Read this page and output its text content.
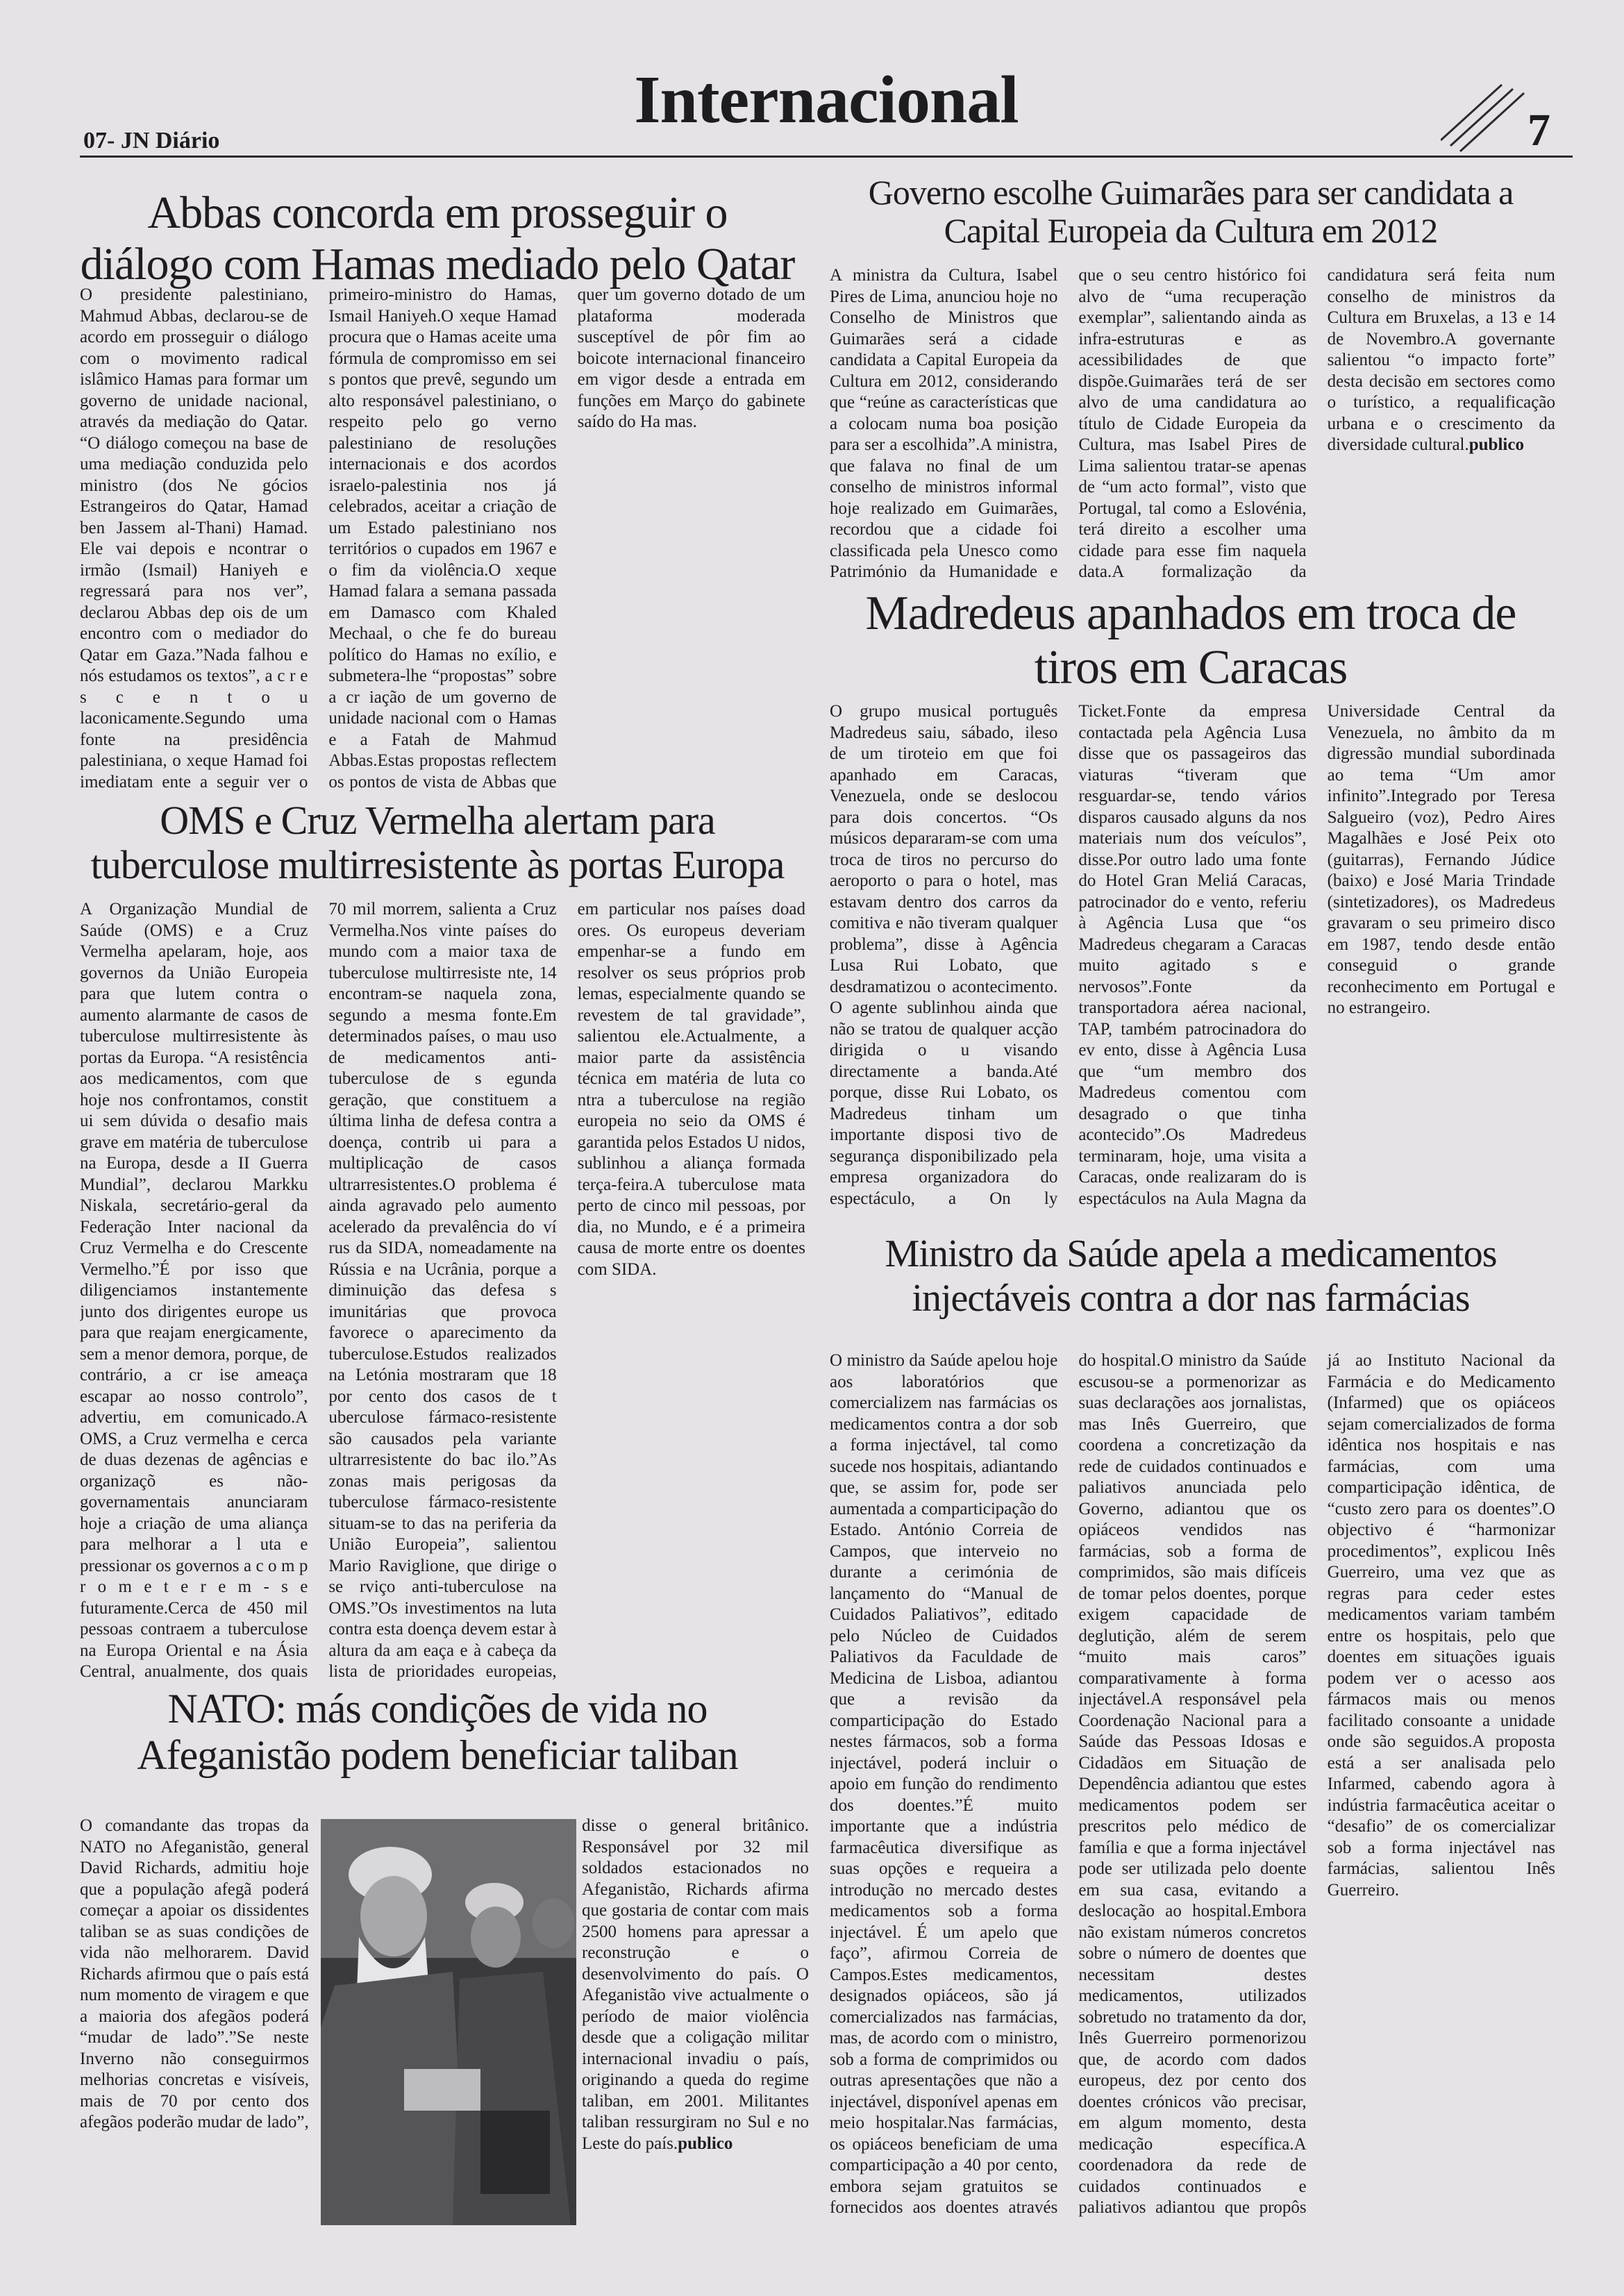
07- JN Diário

Internacional	7

Abbas concorda em prosseguir o diálogo com Hamas mediado pelo Qatar

O presidente palestiniano, Mahmud Abbas, declarou-se de acordo em prosseguir o diálogo com o movimento radical islâmico Hamas para formar um governo de unidade nacional, através da mediação do Qatar. “O diálogo começou na base de uma mediação conduzida pelo ministro (dos Ne gócios Estrangeiros do Qatar, Hamad ben Jassem al-Thani) Hamad. Ele vai depois e ncontrar o irmão (Ismail) Haniyeh e regressará para nos ver”, declarou Abbas dep ois de um encontro com o mediador do Qatar em Gaza.”Nada falhou e nós estudamos os textos”, a c r e s c e n t o u laconicamente.Segundo uma fonte na presidência palestiniana, o xeque Hamad foi imediatam ente a seguir ver o primeiro-ministro do Hamas, Ismail Haniyeh.O xeque Hamad procura que o Hamas aceite uma fórmula de compromisso em sei s pontos que prevê, segundo um alto responsável palestiniano, o respeito pelo go verno palestiniano de resoluções internacionais e dos acordos israelo-palestinia nos já celebrados, aceitar a criação de um Estado palestiniano nos territórios o cupados em 1967 e o fim da violência.O xeque Hamad falara a semana passada em Damasco com Khaled Mechaal, o che fe do bureau político do Hamas no exílio, e submetera-lhe “propostas” sobre a cr iação de um governo de unidade nacional com o Hamas e a Fatah de Mahmud Abbas.Estas propostas reflectem os pontos de vista de Abbas que quer um governo dotado de um plataforma moderada susceptível de pôr fim ao boicote internacional financeiro em vigor desde a entrada em funções em Março do gabinete saído do Ha mas.

OMS e Cruz Vermelha alertam para tuberculose multirresistente às portas Europa

A Organização Mundial de Saúde (OMS) e a Cruz Vermelha apelaram, hoje, aos governos da União Europeia para que lutem contra o aumento alarmante de casos de tuberculose multirresistente às portas da Europa. “A resistência aos medicamentos, com que hoje nos confrontamos, constit ui sem dúvida o desafio mais grave em matéria de tuberculose na Europa, desde a II Guerra Mundial”, declarou Markku Niskala, secretário-geral da Federação Inter nacional da Cruz Vermelha e do Crescente Vermelho.”É por isso que diligenciamos instantemente junto dos dirigentes europe us para que reajam energicamente, sem a menor demora, porque, de contrário, a cr ise ameaça escapar ao nosso controlo”, advertiu, em comunicado.A OMS, a Cruz vermelha e cerca de duas dezenas de agências e organizaçõ es não-governamentais anunciaram hoje a criação de uma aliança para melhorar a l uta e pressionar os governos a c o m p r o m e t e r e m - s e futuramente.Cerca de 450 mil pessoas contraem a tuberculose na Europa Oriental e na Ásia Central, anualmente, dos quais 70 mil morrem, salienta a Cruz Vermelha.Nos vinte países do mundo com a maior taxa de tuberculose multirresiste nte, 14 encontram-se naquela zona, segundo a mesma fonte.Em determinados países, o mau uso de medicamentos anti-tuberculose de s egunda geração, que constituem a última linha de defesa contra a doença, contrib ui para a multiplicação de casos ultrarresistentes.O problema é ainda agravado pelo aumento acelerado da prevalência do ví rus da SIDA, nomeadamente na Rússia e na Ucrânia, porque a diminuição das defesa s imunitárias que provoca favorece o aparecimento da tuberculose.Estudos realizados na Letónia mostraram que 18 por cento dos casos de t uberculose fármaco-resistente são causados pela variante ultrarresistente do bac ilo.”As zonas mais perigosas da tuberculose fármaco-resistente situam-se to das na periferia da União Europeia”, salientou Mario Raviglione, que dirige o se rviço anti-tuberculose na OMS.”Os investimentos na luta contra esta doença devem estar à altura da am eaça e à cabeça da lista de prioridades europeias, em particular nos países doad ores. Os europeus deveriam empenhar-se a fundo em resolver os seus próprios prob lemas, especialmente quando se revestem de tal gravidade”, salientou ele.Actualmente, a maior parte da assistência técnica em matéria de luta co ntra a tuberculose na região europeia no seio da OMS é garantida pelos Estados U nidos, sublinhou a aliança formada terça-feira.A tuberculose mata perto de cinco mil pessoas, por dia, no Mundo, e é a primeira causa de morte entre os doentes com SIDA.

NATO: más condições de vida no Afeganistão podem beneficiar taliban

O comandante das tropas da NATO no Afeganistão, general David Richards, admitiu hoje que a população afegã poderá começar a apoiar os dissidentes taliban se as suas condições de vida não melhorarem. David Richards afirmou que o país está num momento de viragem e que a maioria dos afegãos poderá “mudar de lado”.”Se neste Inverno não conseguirmos melhorias concretas e visíveis, mais de 70 por cento dos afegãos poderão mudar de lado”,

disse o general britânico. Responsável por 32 mil soldados estacionados no Afeganistão, Richards afirma que gostaria de contar com mais 2500 homens para apressar a reconstrução e o desenvolvimento do país. O Afeganistão vive actualmente o período de maior violência desde que a coligação militar internacional invadiu o país, originando a queda do regime taliban, em 2001. Militantes taliban ressurgiram no Sul e no Leste do país.publico

Governo escolhe Guimarães para ser candidata a Capital Europeia da Cultura em 2012

A ministra da Cultura, Isabel Pires de Lima, anunciou hoje no Conselho de Ministros que Guimarães será a cidade candidata a Capital Europeia da Cultura em 2012, considerando que “reúne as características que a colocam numa boa posição para ser a escolhida”.A ministra, que falava no final de um conselho de ministros informal hoje realizado em Guimarães, recordou que a cidade foi classificada pela Unesco como Património da Humanidade e que o seu centro histórico foi alvo de “uma recuperação exemplar”, salientando ainda as infra-estruturas e as acessibilidades de que dispõe.Guimarães terá de ser alvo de uma candidatura ao título de Cidade Europeia da Cultura, mas Isabel Pires de Lima salientou tratar-se apenas de “um acto formal”, visto que Portugal, tal como a Eslovénia, terá direito a escolher uma cidade para esse fim naquela data.A formalização da candidatura será feita num conselho de ministros da Cultura em Bruxelas, a 13 e 14 de Novembro.A governante salientou “o impacto forte” desta decisão em sectores como o turístico, a requalificação urbana e o crescimento da diversidade cultural.publico

Madredeus apanhados em troca de tiros em Caracas

O grupo musical português Madredeus saiu, sábado, ileso de um tiroteio em que foi apanhado em Caracas, Venezuela, onde se deslocou para dois concertos. “Os músicos depararam-se com uma troca de tiros no percurso do aeroporto o para o hotel, mas estavam dentro dos carros da comitiva e não tiveram qualquer problema”, disse à Agência Lusa Rui Lobato, que desdramatizou o acontecimento. O agente sublinhou ainda que não se tratou de qualquer acção dirigida o u visando directamente a banda.Até porque, disse Rui Lobato, os Madredeus tinham um importante disposi tivo de segurança disponibilizado pela empresa organizadora do espectáculo, a On ly Ticket.Fonte da empresa contactada pela Agência Lusa disse que os passageiros das viaturas “tiveram que resguardar-se, tendo vários disparos causado alguns da nos materiais num dos veículos”, disse.Por outro lado uma fonte do Hotel Gran Meliá Caracas, patrocinador do e vento, referiu à Agência Lusa que “os Madredeus chegaram a Caracas muito agitado s e nervosos”.Fonte da transportadora aérea nacional, TAP, também patrocinadora do ev ento, disse à Agência Lusa que “um membro dos Madredeus comentou com desagrado o que tinha acontecido”.Os Madredeus terminaram, hoje, uma visita a Caracas, onde realizaram do is espectáculos na Aula Magna da Universidade Central da Venezuela, no âmbito da m digressão mundial subordinada ao tema “Um amor infinito”.Integrado por Teresa Salgueiro (voz), Pedro Aires Magalhães e José Peix oto (guitarras), Fernando Júdice (baixo) e José Maria Trindade (sintetizadores), os Madredeus gravaram o seu primeiro disco em 1987, tendo desde então conseguid o grande reconhecimento em Portugal e no estrangeiro.

Ministro da Saúde apela a medicamentos injectáveis contra a dor nas farmácias

O ministro da Saúde apelou hoje aos laboratórios que comercializem nas farmácias os medicamentos contra a dor sob a forma injectável, tal como sucede nos hospitais, adiantando que, se assim for, pode ser aumentada a comparticipação do Estado. António Correia de Campos, que interveio no durante a cerimónia de lançamento do “Manual de Cuidados Paliativos”, editado pelo Núcleo de Cuidados Paliativos da Faculdade de Medicina de Lisboa, adiantou que a revisão da comparticipação do Estado nestes fármacos, sob a forma injectável, poderá incluir o apoio em função do rendimento dos doentes.”É muito importante que a indústria farmacêutica diversifique as suas opções e requeira a introdução no mercado destes medicamentos sob a forma injectável. É um apelo que faço”, afirmou Correia de Campos.Estes medicamentos, designados opiáceos, são já comercializados nas farmácias, mas, de acordo com o ministro, sob a forma de comprimidos ou outras apresentações que não a injectável, disponível apenas em meio hospitalar.Nas farmácias, os opiáceos beneficiam de uma comparticipação a 40 por cento, embora sejam gratuitos se fornecidos aos doentes através do hospital.O ministro da Saúde escusou-se a pormenorizar as suas declarações aos jornalistas, mas Inês Guerreiro, que coordena a concretização da rede de cuidados continuados e paliativos anunciada pelo Governo, adiantou que os opiáceos vendidos nas farmácias, sob a forma de comprimidos, são mais difíceis de tomar pelos doentes, porque exigem capacidade de deglutição, além de serem “muito mais caros” comparativamente à forma injectável.A responsável pela Coordenação Nacional para a Saúde das Pessoas Idosas e Cidadãos em Situação de Dependência adiantou que estes medicamentos podem ser prescritos pelo médico de família e que a forma injectável pode ser utilizada pelo doente em sua casa, evitando a deslocação ao hospital.Embora não existam números concretos sobre o número de doentes que necessitam destes medicamentos, utilizados sobretudo no tratamento da dor, Inês Guerreiro pormenorizou que, de acordo com dados europeus, dez por cento dos doentes crónicos vão precisar, em algum momento, desta medicação específica.A coordenadora da rede de cuidados continuados e paliativos adiantou que propôs já ao Instituto Nacional da Farmácia e do Medicamento (Infarmed) que os opiáceos sejam comercializados de forma idêntica nos hospitais e nas farmácias, com uma comparticipação idêntica, de “custo zero para os doentes”.O objectivo é “harmonizar procedimentos”, explicou Inês Guerreiro, uma vez que as regras para ceder estes medicamentos variam também entre os hospitais, pelo que doentes em situações iguais podem ver o acesso aos fármacos mais ou menos facilitado consoante a unidade onde são seguidos.A proposta está a ser analisada pelo Infarmed, cabendo agora à indústria farmacêutica aceitar o “desafio” de os comercializar sob a forma injectável nas farmácias, salientou Inês Guerreiro.
